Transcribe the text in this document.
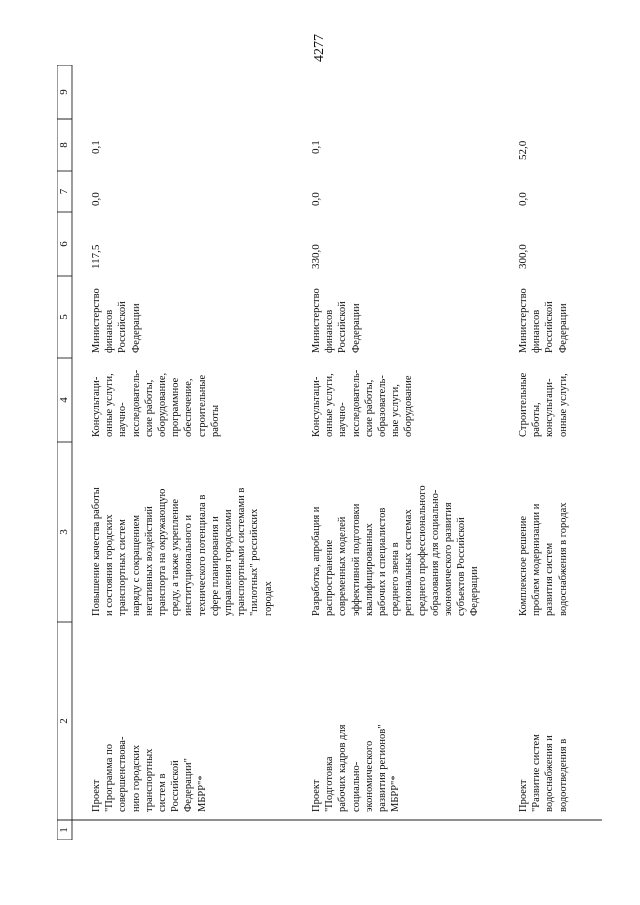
4277
1
2
3
4
5
6
7
8
9
Проект "Программа по совершенствова- нию городских транспортных систем в Российской Федерации" МБРР"*
Повышение качества работы и состояния городских транспортных систем наряду с сокращением негативных воздействий транспорта на окружающую среду, а также укрепление институционального и технического потенциала в сфере планирования и управления городскими транспортными системами в "пилотных" российских городах
Консультаци- онные услуги, научно- исследователь- ские работы, оборудование, программное обеспечение, строительные работы
Министерство финансов Российской Федерации
117,5
0,0
0,1
Проект "Подготовка рабочих кадров для социально- экономического развития регионов" МБРР"*
Разработка, апробация и распространение современных моделей эффективной подготовки квалифицированных рабочих и специалистов среднего звена в региональных системах среднего профессионального образования для социально- экономического развития субъектов Российской Федерации
Консультаци- онные услуги, научно- исследователь- ские работы, образователь- ные услуги, оборудование
Министерство финансов Российской Федерации
330,0
0,0
0,1
Проект "Развитие систем водоснабжения и водоотведения в
Комплексное решение проблем модернизации и развития систем водоснабжения в городах
Строительные работы, консультаци- онные услуги,
Министерство финансов Российской Федерации
300,0
0,0
52,0
